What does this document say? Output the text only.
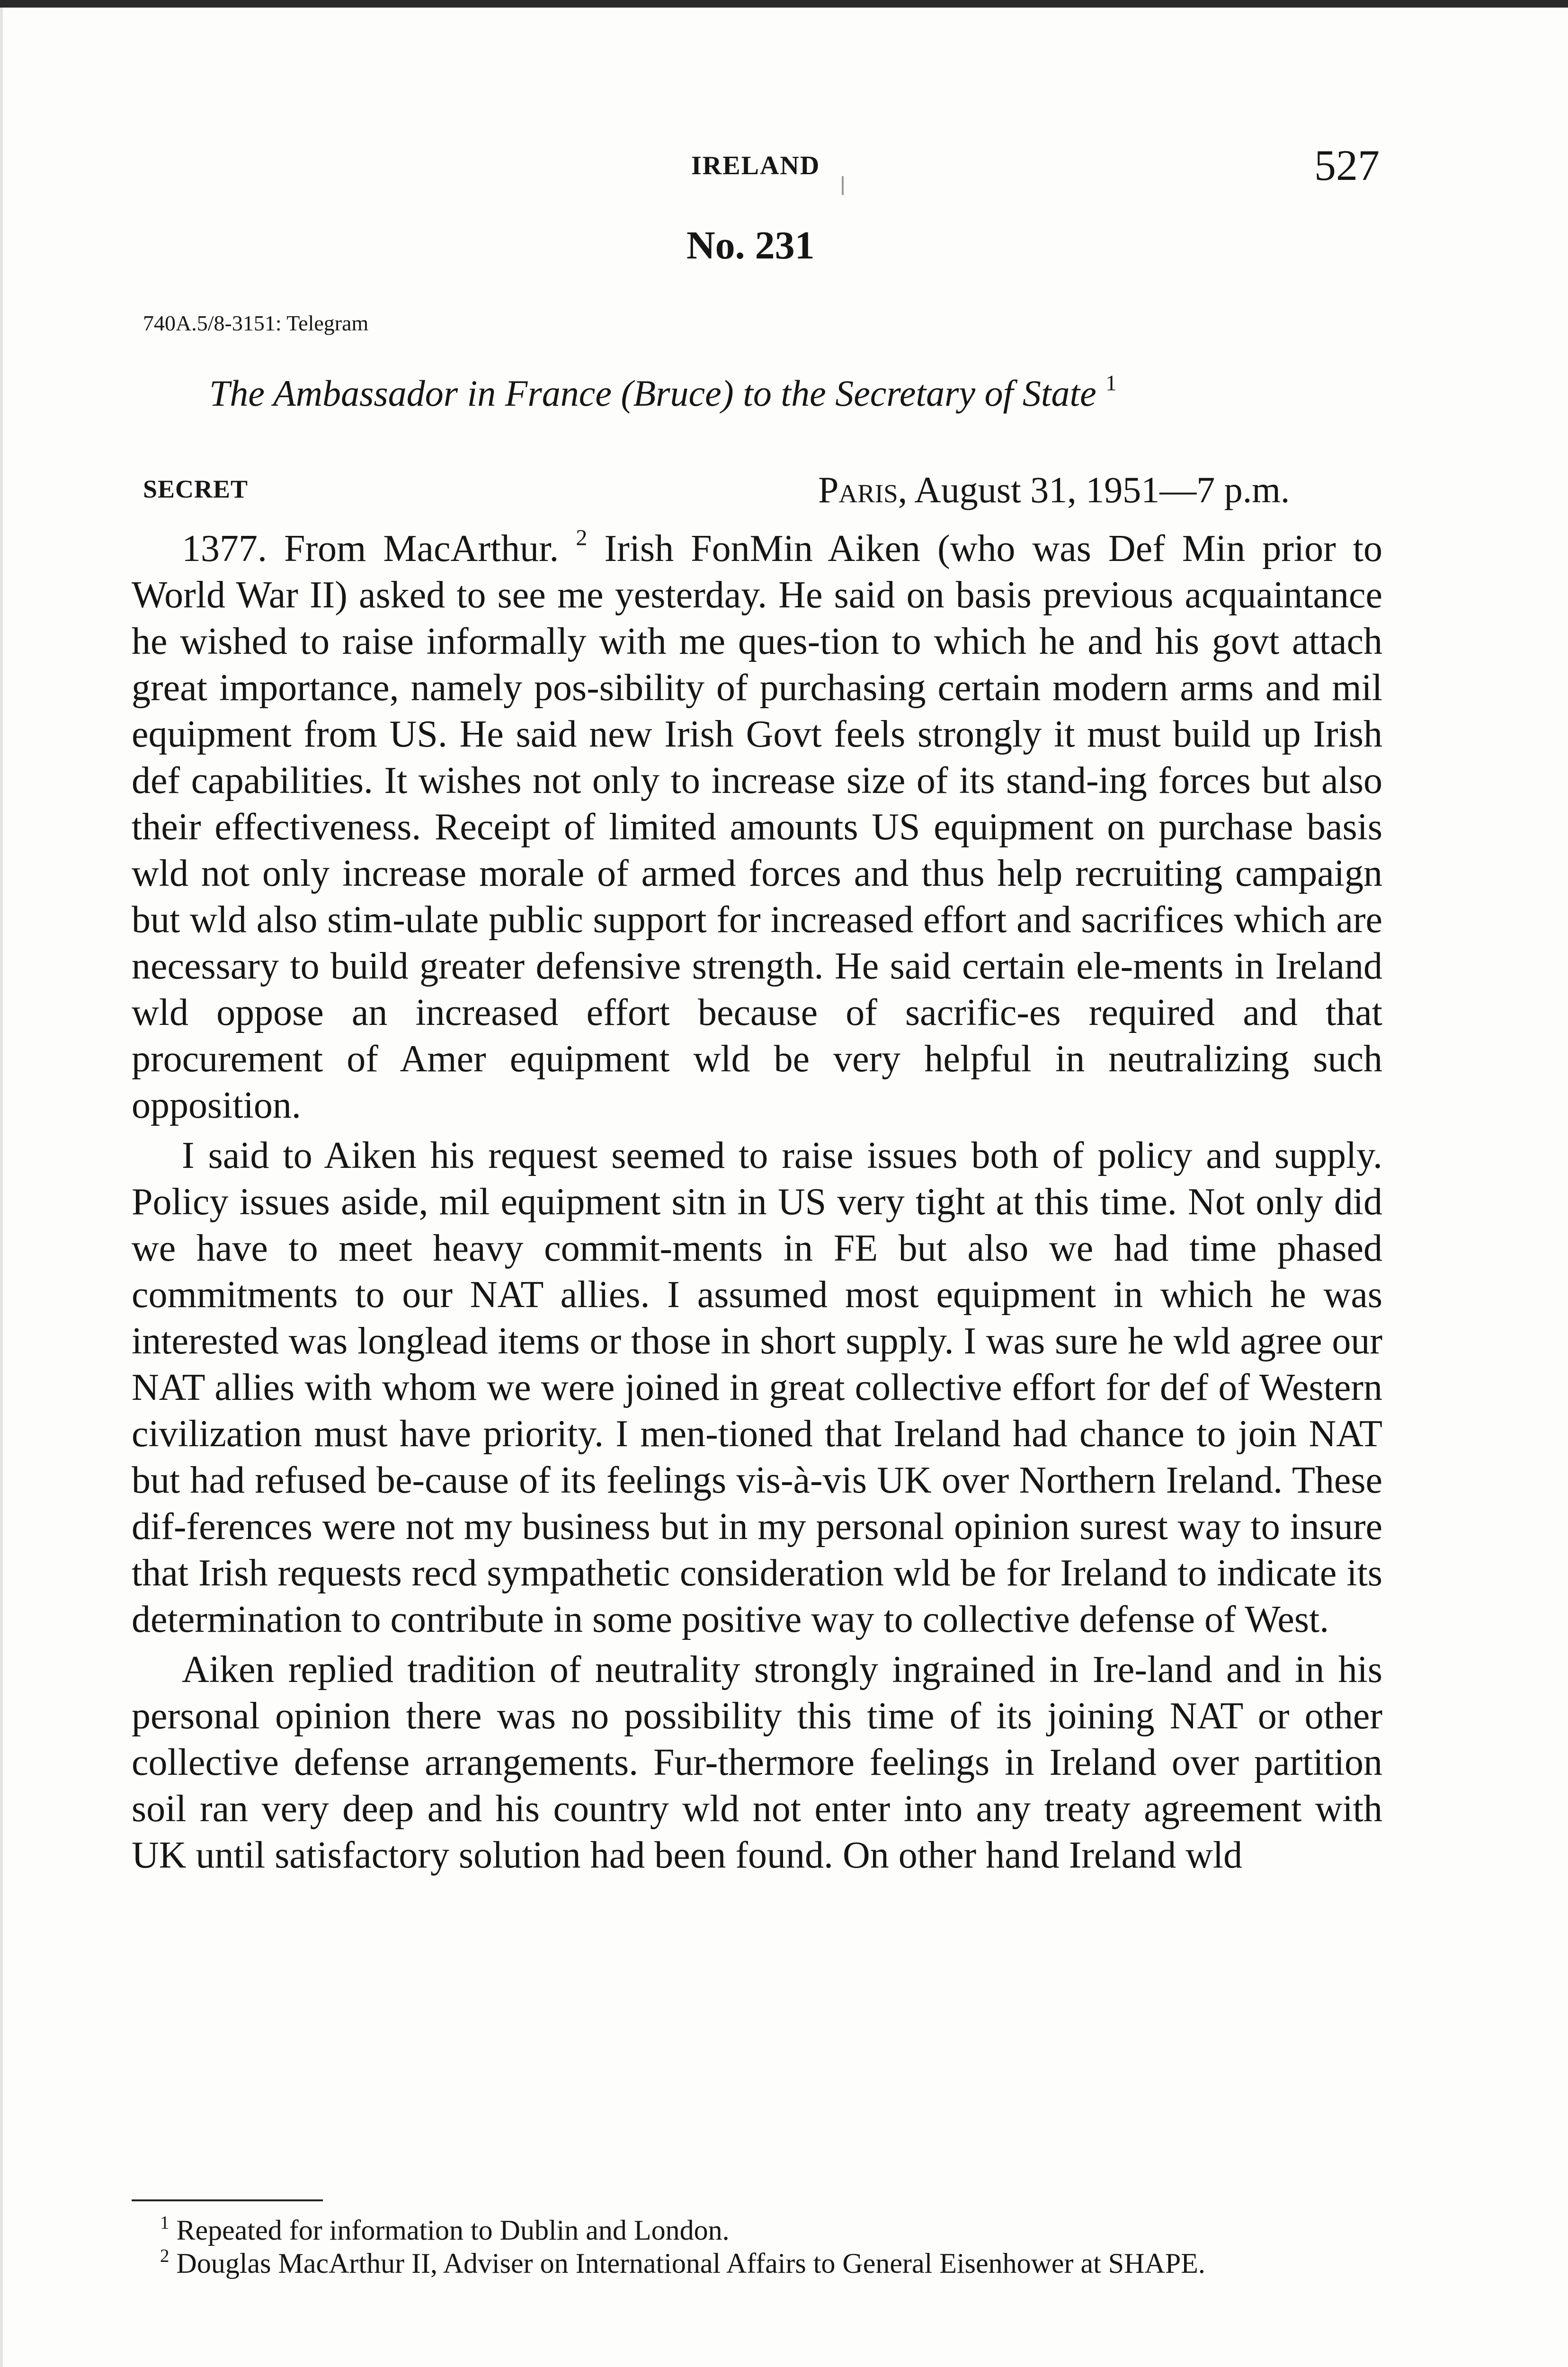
IRELAND	527
No. 231
740A.5/8-3151: Telegram
The Ambassador in France (Bruce) to the Secretary of State $^1$
SECRET	Paris, August 31, 1951—7 p.m.

1377. From MacArthur. $^2$ Irish FonMin Aiken (who was Def Min prior to World War II) asked to see me yesterday. He said on basis previous acquaintance he wished to raise informally with me ques-tion to which he and his govt attach great importance, namely pos-sibility of purchasing certain modern arms and mil equipment from US. He said new Irish Govt feels strongly it must build up Irish def capabilities. It wishes not only to increase size of its stand-ing forces but also their effectiveness. Receipt of limited amounts US equipment on purchase basis wld not only increase morale of armed forces and thus help recruiting campaign but wld also stim-ulate public support for increased effort and sacrifices which are necessary to build greater defensive strength. He said certain ele-ments in Ireland wld oppose an increased effort because of sacrific-es required and that procurement of Amer equipment wld be very helpful in neutralizing such opposition.

I said to Aiken his request seemed to raise issues both of policy and supply. Policy issues aside, mil equipment sitn in US very tight at this time. Not only did we have to meet heavy commit-ments in FE but also we had time phased commitments to our NAT allies. I assumed most equipment in which he was interested was longlead items or those in short supply. I was sure he wld agree our NAT allies with whom we were joined in great collective effort for def of Western civilization must have priority. I men-tioned that Ireland had chance to join NAT but had refused be-cause of its feelings vis-à-vis UK over Northern Ireland. These dif-ferences were not my business but in my personal opinion surest way to insure that Irish requests recd sympathetic consideration wld be for Ireland to indicate its determination to contribute in some positive way to collective defense of West.

Aiken replied tradition of neutrality strongly ingrained in Ire-land and in his personal opinion there was no possibility this time of its joining NAT or other collective defense arrangements. Fur-thermore feelings in Ireland over partition soil ran very deep and his country wld not enter into any treaty agreement with UK until satisfactory solution had been found. On other hand Ireland wld

$^1$ Repeated for information to Dublin and London.

$^2$ Douglas MacArthur II, Adviser on International Affairs to General Eisenhower at SHAPE.
